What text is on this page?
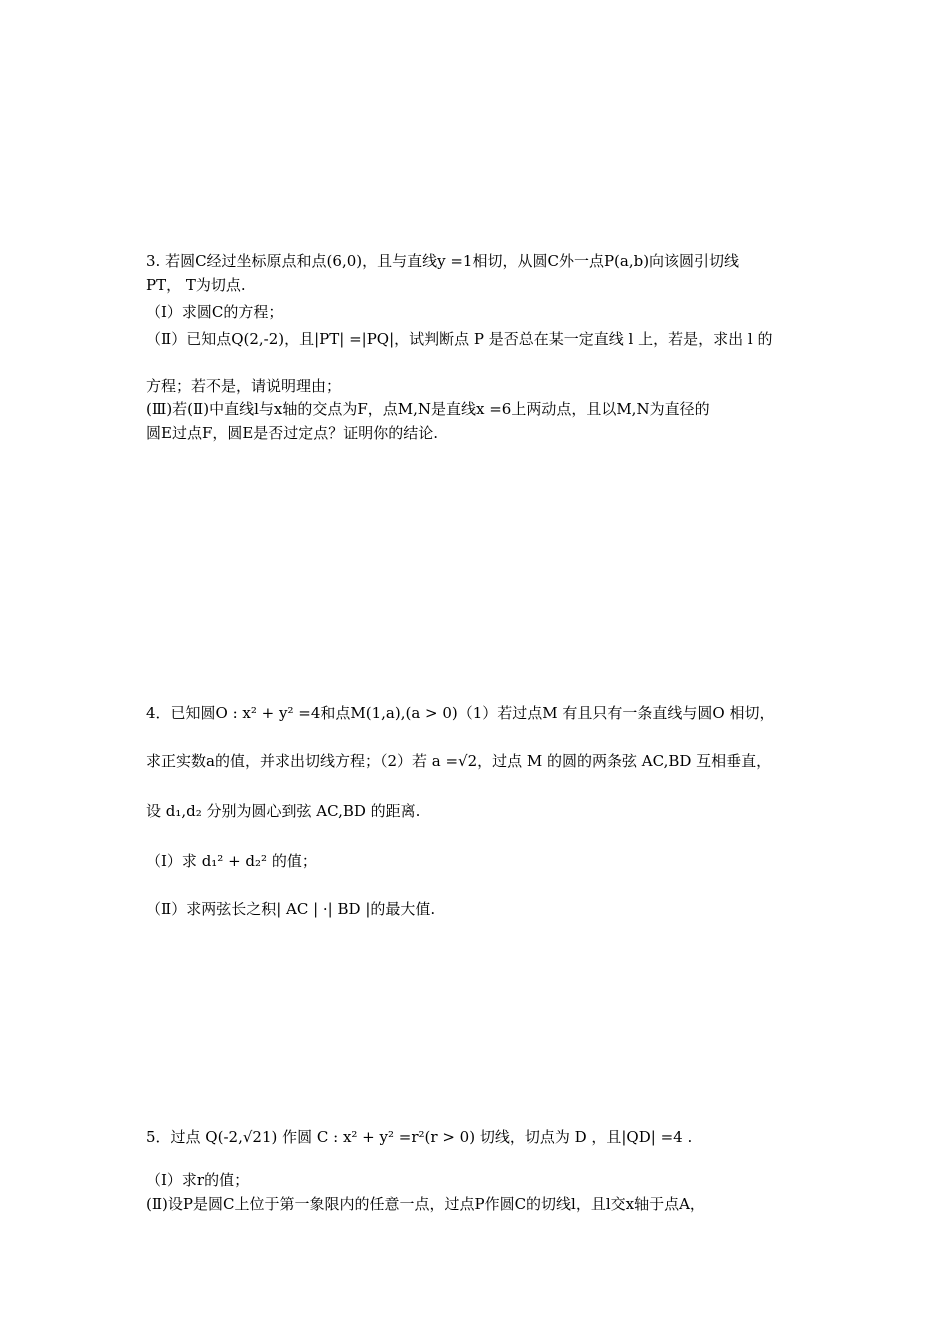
3. 若圆C经过坐标原点和点(6,0)，且与直线y =1相切，从圆C外一点P(a,b)向该圆引切线
PT， T为切点.
（Ⅰ）求圆C的方程；
（Ⅱ）已知点Q(2,-2)，且|PT| =|PQ|，试判断点 P 是否总在某一定直线 l 上，若是，求出 l 的
方程；若不是，请说明理由；
(Ⅲ)若(Ⅱ)中直线l与x轴的交点为F，点M,N是直线x =6上两动点，且以M,N为直径的
圆E过点F，圆E是否过定点？证明你的结论.
4．已知圆O : x² + y² =4和点M(1,a),(a > 0)（1）若过点M 有且只有一条直线与圆O 相切，
求正实数a的值，并求出切线方程；（2）若 a =√2，过点 M 的圆的两条弦 AC,BD 互相垂直，
设 d₁,d₂ 分别为圆心到弦 AC,BD 的距离.
（Ⅰ）求 d₁² + d₂² 的值；
（Ⅱ）求两弦长之积| AC | ·| BD |的最大值.
5．过点 Q(-2,√21) 作圆 C : x² + y² =r²(r > 0) 切线，切点为 D ，且|QD| =4 .
（Ⅰ）求r的值；
(Ⅱ)设P是圆C上位于第一象限内的任意一点，过点P作圆C的切线l，且l交x轴于点A，
